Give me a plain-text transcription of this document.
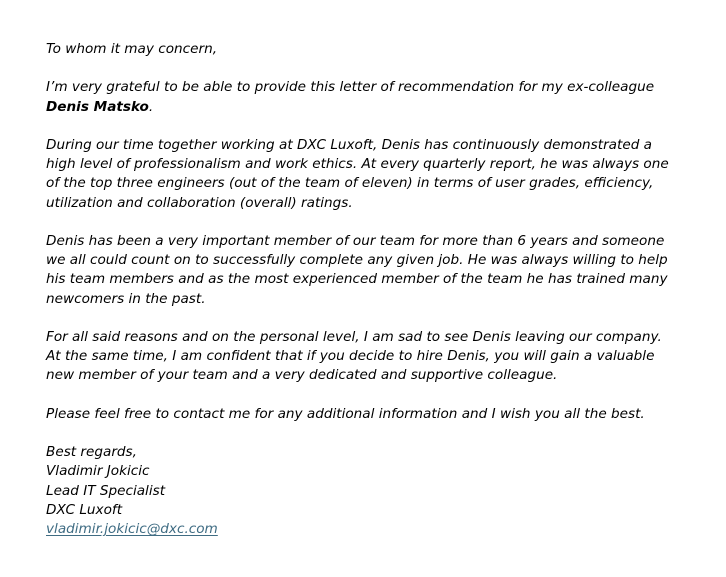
To whom it may concern,

I’m very grateful to be able to provide this letter of recommendation for my ex-colleague
Denis Matsko.

During our time together working at DXC Luxoft, Denis has continuously demonstrated a
high level of professionalism and work ethics. At every quarterly report, he was always one
of the top three engineers (out of the team of eleven) in terms of user grades, efficiency,
utilization and collaboration (overall) ratings.

Denis has been a very important member of our team for more than 6 years and someone
we all could count on to successfully complete any given job. He was always willing to help
his team members and as the most experienced member of the team he has trained many
newcomers in the past.

For all said reasons and on the personal level, I am sad to see Denis leaving our company.
At the same time, I am confident that if you decide to hire Denis, you will gain a valuable
new member of your team and a very dedicated and supportive colleague.

Please feel free to contact me for any additional information and I wish you all the best.

Best regards,
Vladimir Jokicic
Lead IT Specialist
DXC Luxoft
vladimir.jokicic@dxc.com
